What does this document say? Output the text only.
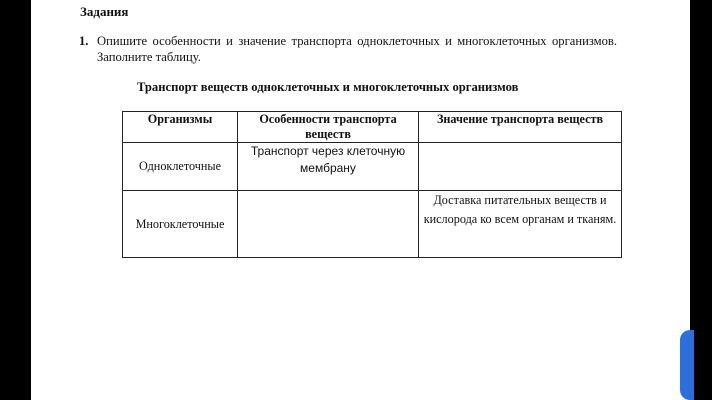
Задания
1. Опишите особенности и значение транспорта одноклеточных и многоклеточных организмов. Заполните таблицу.
Транспорт веществ одноклеточных и многоклеточных организмов
Организмы	Особенности транспорта веществ	Значение транспорта веществ
Одноклеточные	Транспорт через клеточную мембрану	
Многоклеточные		Доставка питательных веществ и кислорода ко всем органам и тканям.
